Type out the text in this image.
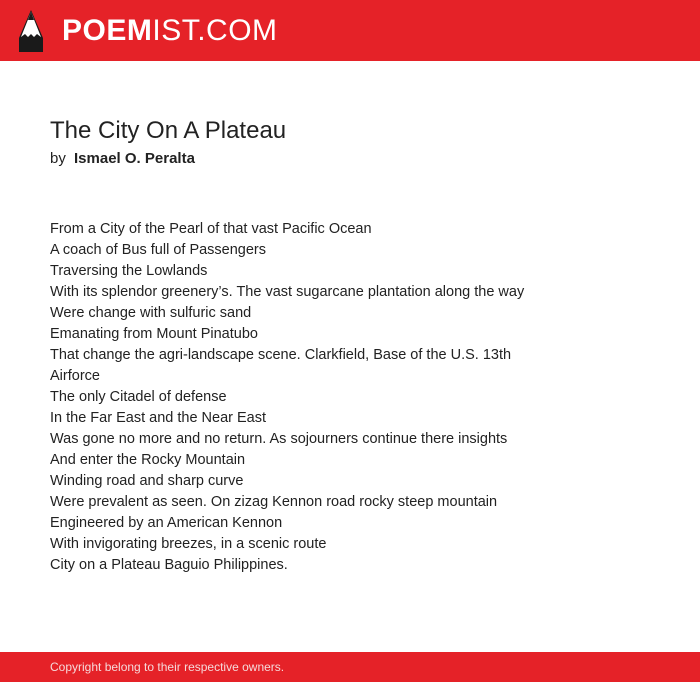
POEMIST.COM
The City On A Plateau
by Ismael O. Peralta
From a City of the Pearl of that vast Pacific Ocean
A coach of Bus full of Passengers
Traversing the Lowlands
With its splendor greenery’s. The vast sugarcane plantation along the way
Were change with sulfuric sand
Emanating from Mount Pinatubo
That change the agri-landscape scene. Clarkfield, Base of the U.S. 13th
Airforce
The only Citadel of defense
In the Far East and the Near East
Was gone no more and no return. As sojourners continue there insights
And enter the Rocky Mountain
Winding road and sharp curve
Were prevalent as seen. On zizag Kennon road rocky steep mountain
Engineered by an American Kennon
With invigorating breezes, in a scenic route
City on a Plateau Baguio Philippines.
Copyright belong to their respective owners.
